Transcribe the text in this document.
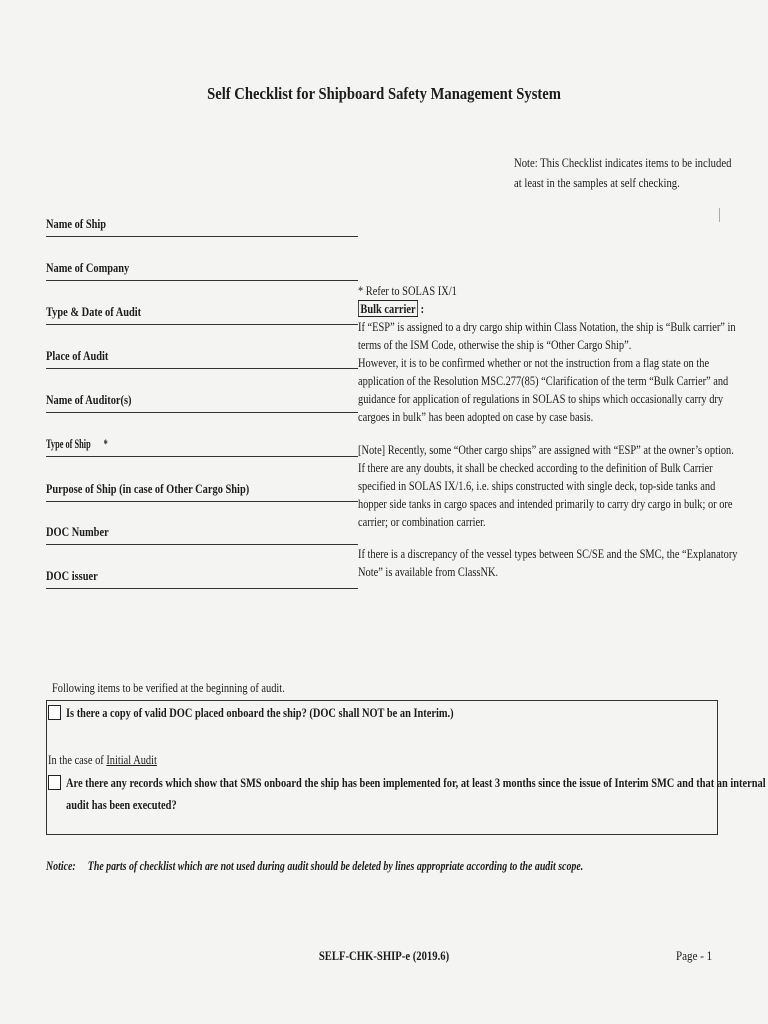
Self Checklist for Shipboard Safety Management System
Note: This Checklist indicates items to be included
at least in the samples at self checking.
Name of Ship
Name of Company
Type & Date of Audit
Place of Audit
Name of Auditor(s)
Type of Ship *
Purpose of Ship (in case of Other Cargo Ship)
DOC Number
DOC issuer
* Refer to SOLAS IX/1
Bulk carrier :
If “ESP” is assigned to a dry cargo ship within Class Notation, the ship is “Bulk carrier” in
terms of the ISM Code, otherwise the ship is “Other Cargo Ship”.
However, it is to be confirmed whether or not the instruction from a flag state on the
application of the Resolution MSC.277(85) “Clarification of the term “Bulk Carrier” and
guidance for application of regulations in SOLAS to ships which occasionally carry dry
cargoes in bulk” has been adopted on case by case basis.
[Note] Recently, some “Other cargo ships” are assigned with “ESP” at the owner’s option.
If there are any doubts, it shall be checked according to the definition of Bulk Carrier
specified in SOLAS IX/1.6, i.e. ships constructed with single deck, top-side tanks and
hopper side tanks in cargo spaces and intended primarily to carry dry cargo in bulk; or ore
carrier; or combination carrier.
If there is a discrepancy of the vessel types between SC/SE and the SMC, the “Explanatory
Note” is available from ClassNK.
Following items to be verified at the beginning of audit.
Is there a copy of valid DOC placed onboard the ship? (DOC shall NOT be an Interim.)
In the case of Initial Audit
Are there any records which show that SMS onboard the ship has been implemented for, at least 3 months since the issue of Interim SMC and that an internal
audit has been executed?
Notice: The parts of checklist which are not used during audit should be deleted by lines appropriate according to the audit scope.
SELF-CHK-SHIP-e (2019.6)	Page - 1
